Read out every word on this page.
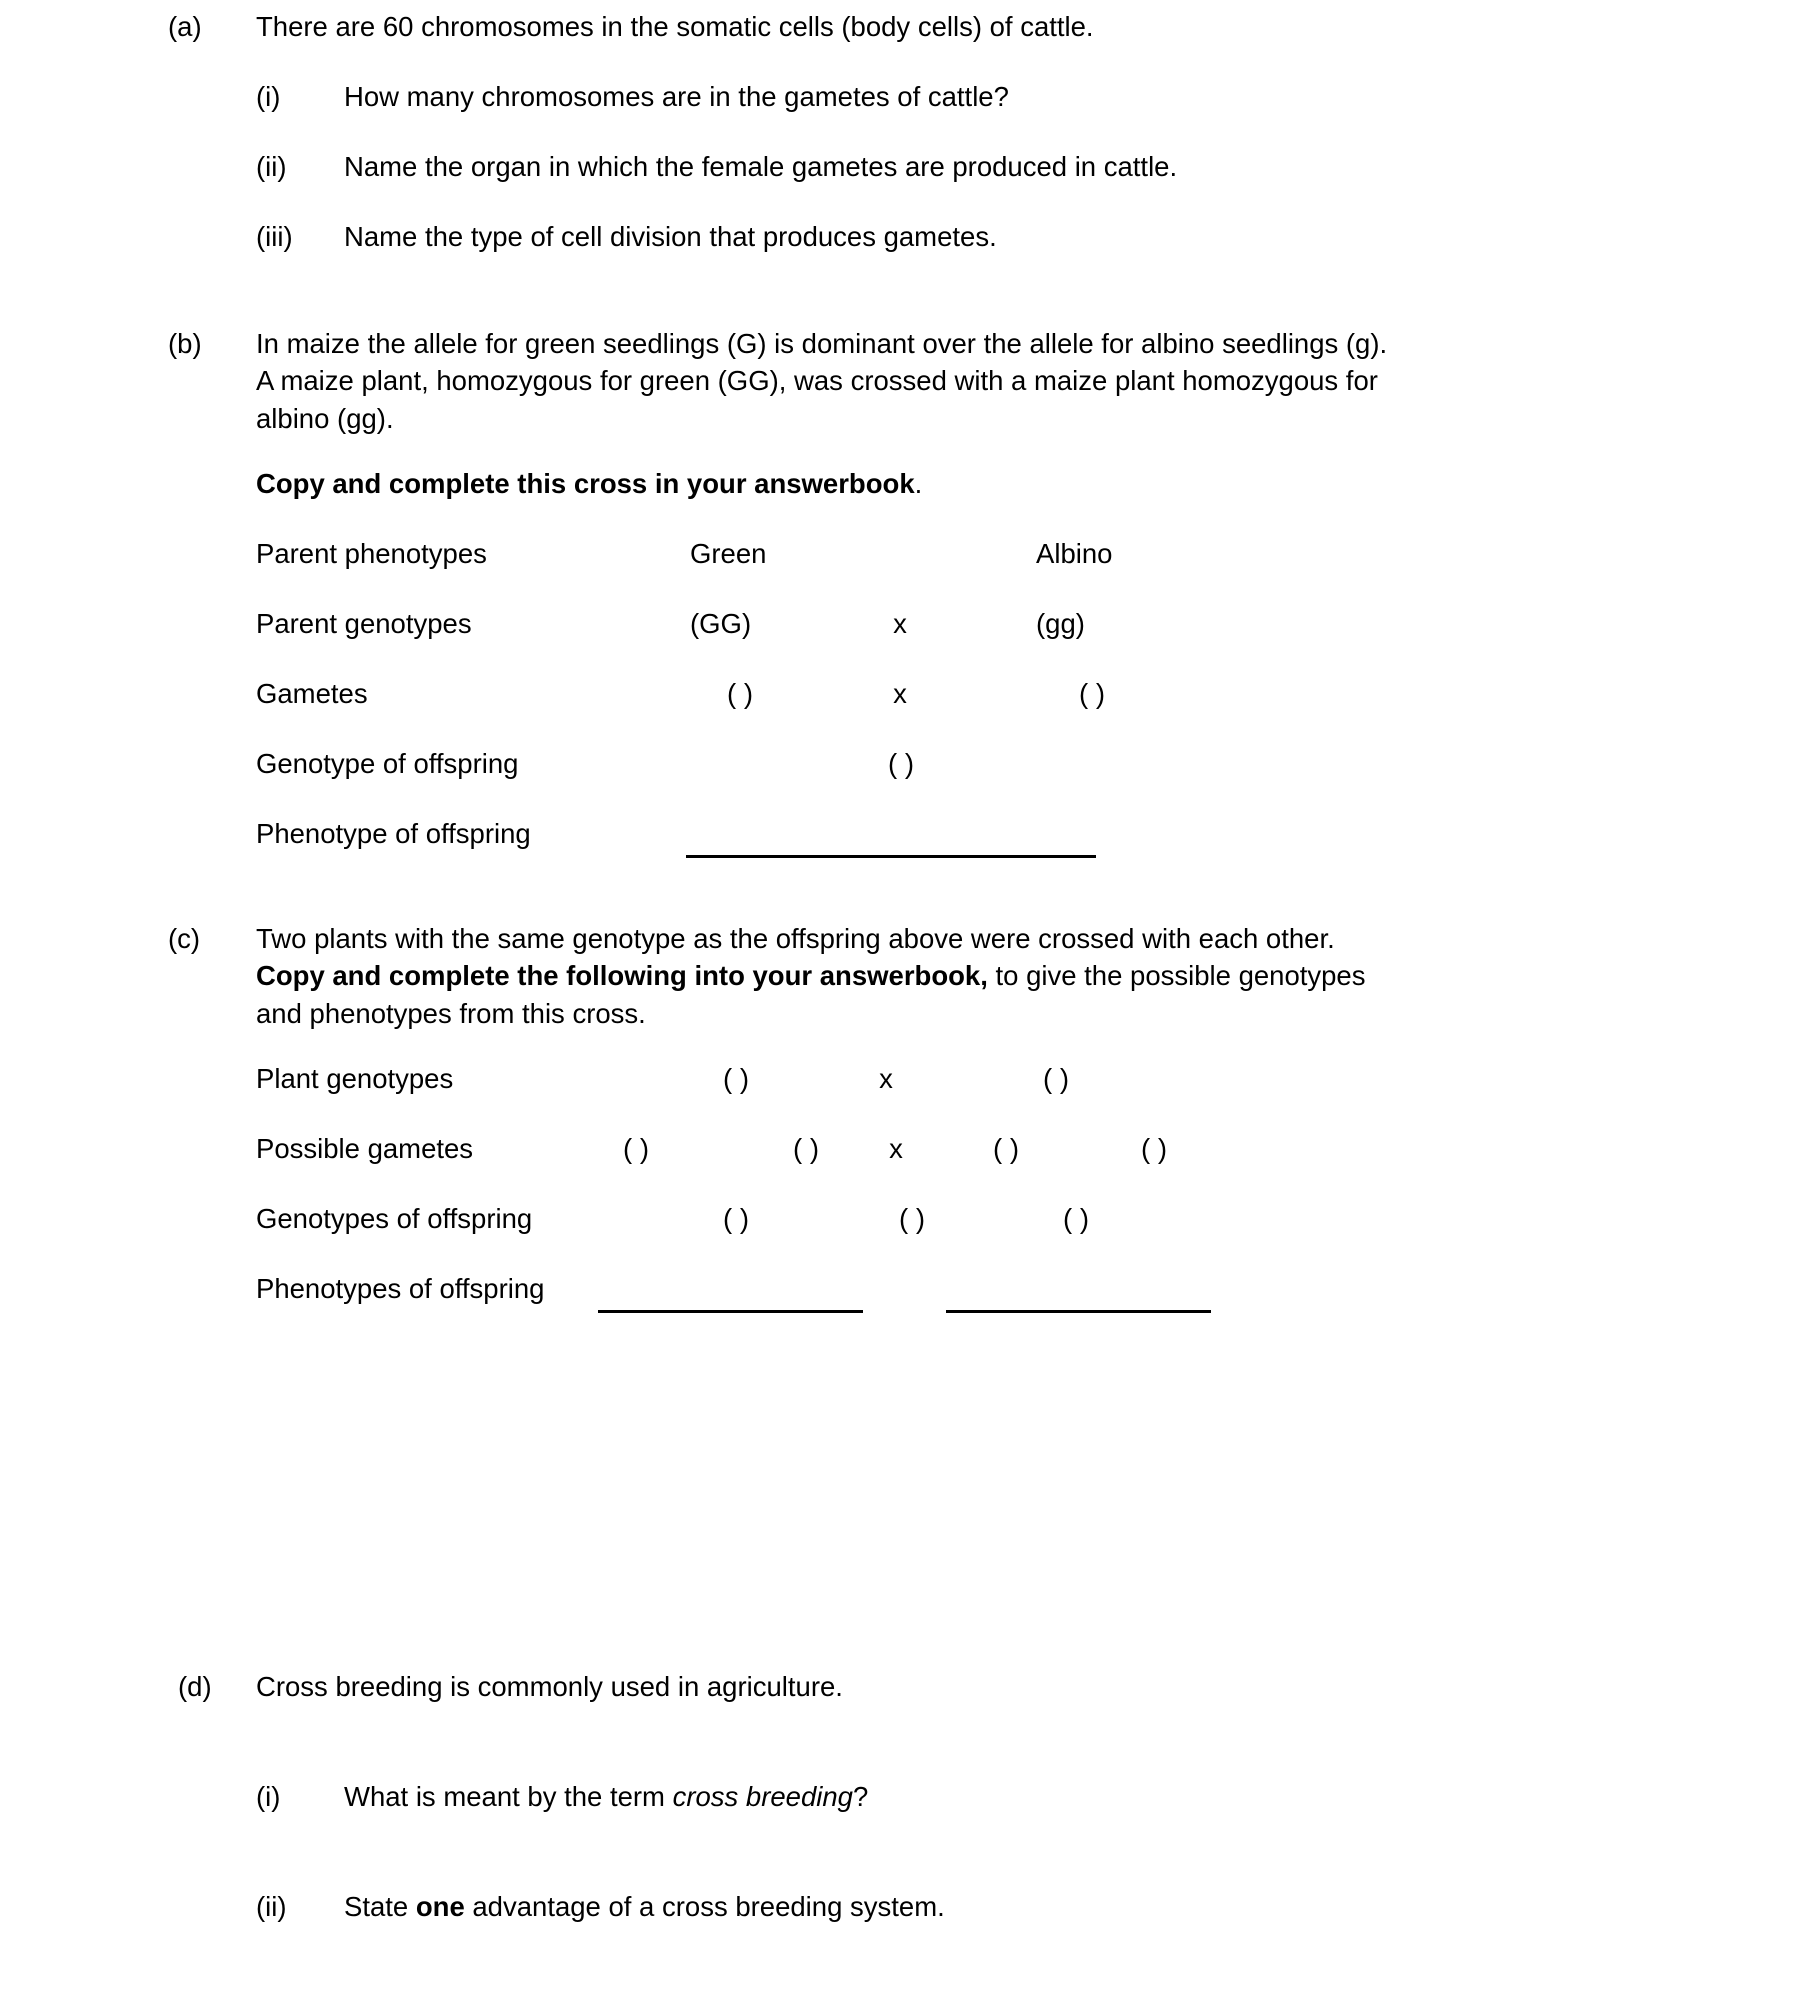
(a)	There are 60 chromosomes in the somatic cells (body cells) of cattle.
(i)	How many chromosomes are in the gametes of cattle?
(ii)	Name the organ in which the female gametes are produced in cattle.
(iii)	Name the type of cell division that produces gametes.
(b)	In maize the allele for green seedlings (G) is dominant over the allele for albino seedlings (g).

A maize plant, homozygous for green (GG), was crossed with a maize plant homozygous for

albino (gg).

Copy and complete this cross in your answerbook.
Parent phenotypes	Green	Albino
Parent genotypes	(GG)	x	(gg)
Gametes	( )	x	( )
Genotype of offspring	( )
Phenotype of offspring
(c)	Two plants with the same genotype as the offspring above were crossed with each other.

Copy and complete the following into your answerbook, to give the possible genotypes

and phenotypes from this cross.

Plant genotypes	( )	x	( )
Possible gametes	( )	( )	x	( )	( )
Genotypes of offspring	( )	( )	( )
Phenotypes of offspring
(d)	Cross breeding is commonly used in agriculture.
(i)	What is meant by the term cross breeding?
(ii)	State one advantage of a cross breeding system.
